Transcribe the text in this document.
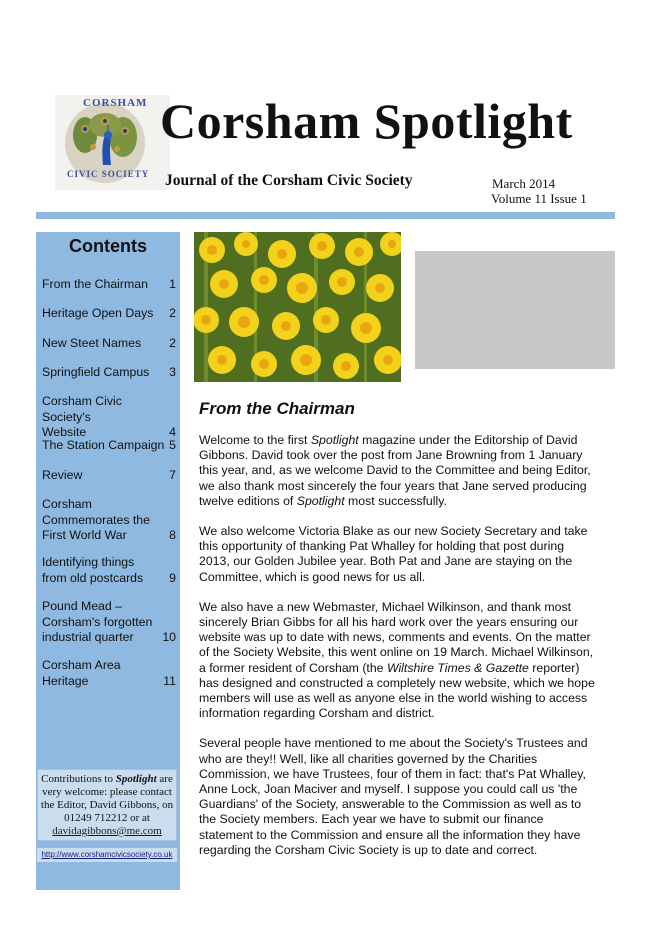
CORSHAM
CIVIC SOCIETY
Corsham Spotlight
Journal of the Corsham Civic Society	March 2014
Volume 11 Issue 1
Contents
From the Chairman	1
Heritage Open Days	2
New Steet Names	2
Springfield Campus	3
Corsham Civic Society's Website	4
The Station Campaign 5
Review	7
Corsham Commemorates the First World War	8
Identifying things from old postcards	9
Pound Mead – Corsham's forgotten industrial quarter	10
Corsham Area Heritage	11
Contributions to Spotlight are very welcome: please contact the Editor, David Gibbons, on 01249 712212 or at
davidagibbons@me.com
http://www.corshamcivicsociety.co.uk
From the Chairman

Welcome to the first Spotlight magazine under the Editorship of David Gibbons. David took over the post from Jane Browning from 1 January this year, and, as we welcome David to the Committee and being Editor, we also thank most sincerely the four years that Jane served producing twelve editions of Spotlight most successfully.

We also welcome Victoria Blake as our new Society Secretary and take this opportunity of thanking Pat Whalley for holding that post during 2013, our Golden Jubilee year. Both Pat and Jane are staying on the Committee, which is good news for us all.

We also have a new Webmaster, Michael Wilkinson, and thank most sincerely Brian Gibbs for all his hard work over the years ensuring our website was up to date with news, comments and events. On the matter of the Society Website, this went online on 19 March. Michael Wilkinson, a former resident of Corsham (the Wiltshire Times & Gazette reporter) has designed and constructed a completely new website, which we hope members will use as well as anyone else in the world wishing to access information regarding Corsham and district.

Several people have mentioned to me about the Society's Trustees and who are they!! Well, like all charities governed by the Charities Commission, we have Trustees, four of them in fact: that's Pat Whalley, Anne Lock, Joan Maciver and myself. I suppose you could call us 'the Guardians' of the Society, answerable to the Commission as well as to the Society members. Each year we have to submit our finance statement to the Commission and ensure all the information they have regarding the Corsham Civic Society is up to date and correct.
